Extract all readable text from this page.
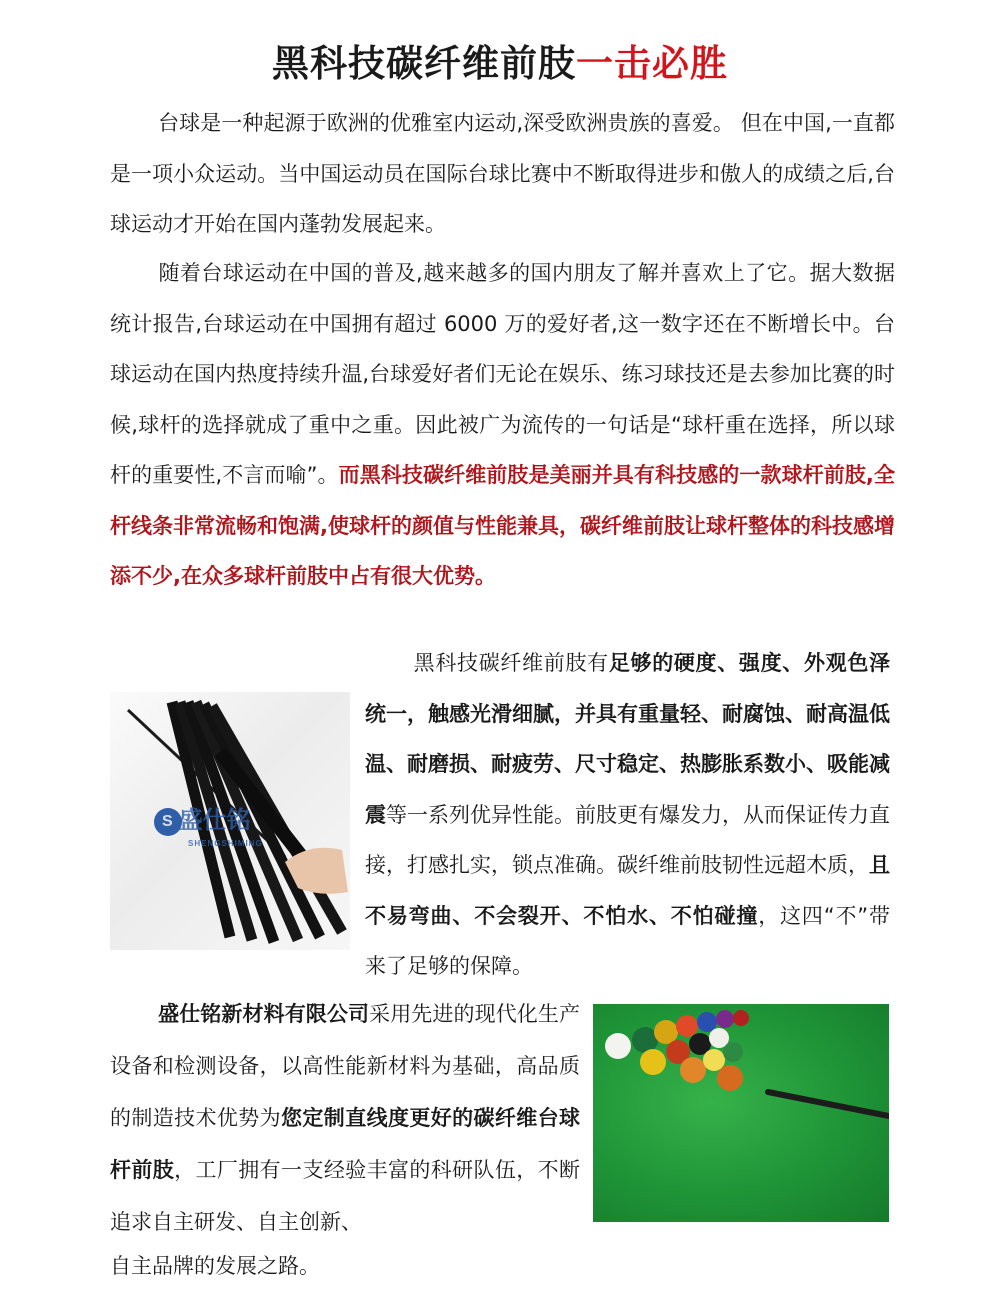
黑科技碳纤维前肢一击必胜

台球是一种起源于欧洲的优雅室内运动,深受欧洲贵族的喜爱。 但在中国,一直都是一项小众运动。当中国运动员在国际台球比赛中不断取得进步和傲人的成绩之后,台球运动才开始在国内蓬勃发展起来。

随着台球运动在中国的普及,越来越多的国内朋友了解并喜欢上了它。据大数据统计报告,台球运动在中国拥有超过 6000 万的爱好者,这一数字还在不断增长中。台球运动在国内热度持续升温,台球爱好者们无论在娱乐、练习球技还是去参加比赛的时候,球杆的选择就成了重中之重。因此被广为流传的一句话是“球杆重在选择，所以球杆的重要性,不言而喻”。而黑科技碳纤维前肢是美丽并具有科技感的一款球杆前肢,全杆线条非常流畅和饱满,使球杆的颜值与性能兼具，碳纤维前肢让球杆整体的科技感增添不少,在众多球杆前肢中占有很大优势。

S 盛仕铭
SHENGSHIMING

黑科技碳纤维前肢有足够的硬度、强度、外观色泽统一，触感光滑细腻，并具有重量轻、耐腐蚀、耐高温低温、耐磨损、耐疲劳、尺寸稳定、热膨胀系数小、吸能减震等一系列优异性能。前肢更有爆发力，从而保证传力直接，打感扎实，锁点准确。碳纤维前肢韧性远超木质，且不易弯曲、不会裂开、不怕水、不怕碰撞，这四“不”带来了足够的保障。

盛仕铭新材料有限公司采用先进的现代化生产设备和检测设备，以高性能新材料为基础，高品质的制造技术优势为您定制直线度更好的碳纤维台球杆前肢，工厂拥有一支经验丰富的科研队伍，不断追求自主研发、自主创新、

自主品牌的发展之路。
